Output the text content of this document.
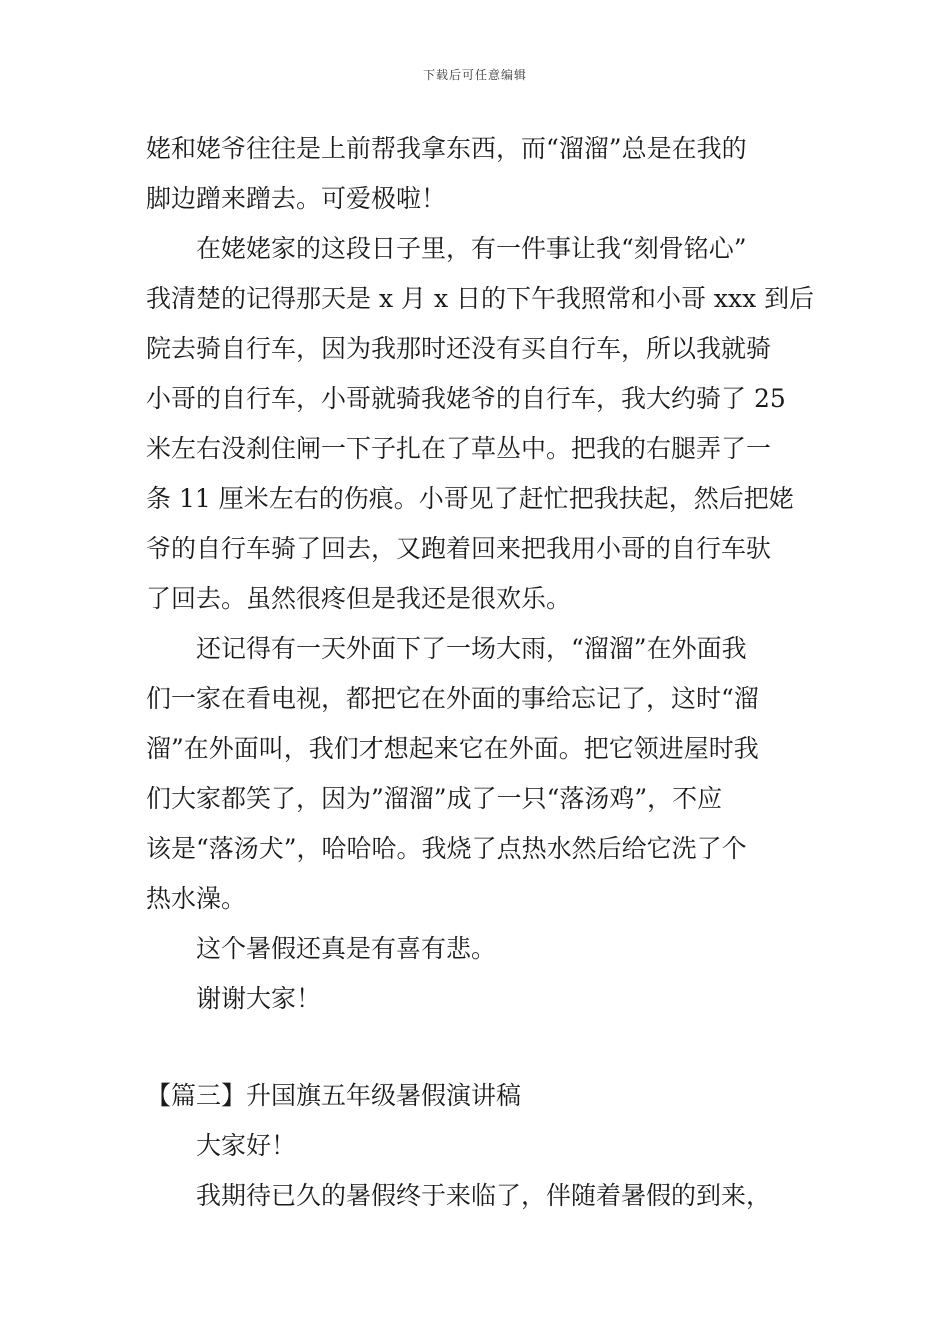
下载后可任意编辑
姥和姥爷往往是上前帮我拿东西，而“溜溜”总是在我的
脚边蹭来蹭去。可爱极啦！
在姥姥家的这段日子里，有一件事让我“刻骨铭心”
我清楚的记得那天是 x 月 x 日的下午我照常和小哥 xxx 到后
院去骑自行车，因为我那时还没有买自行车，所以我就骑
小哥的自行车，小哥就骑我姥爷的自行车，我大约骑了 25
米左右没刹住闸一下子扎在了草丛中。把我的右腿弄了一
条 11 厘米左右的伤痕。小哥见了赶忙把我扶起，然后把姥
爷的自行车骑了回去，又跑着回来把我用小哥的自行车驮
了回去。虽然很疼但是我还是很欢乐。
还记得有一天外面下了一场大雨，“溜溜”在外面我
们一家在看电视，都把它在外面的事给忘记了，这时“溜
溜”在外面叫，我们才想起来它在外面。把它领进屋时我
们大家都笑了，因为”溜溜”成了一只“落汤鸡”，不应
该是“落汤犬”，哈哈哈。我烧了点热水然后给它洗了个
热水澡。
这个暑假还真是有喜有悲。
谢谢大家！
【篇三】升国旗五年级暑假演讲稿
大家好！
我期待已久的暑假终于来临了，伴随着暑假的到来，
